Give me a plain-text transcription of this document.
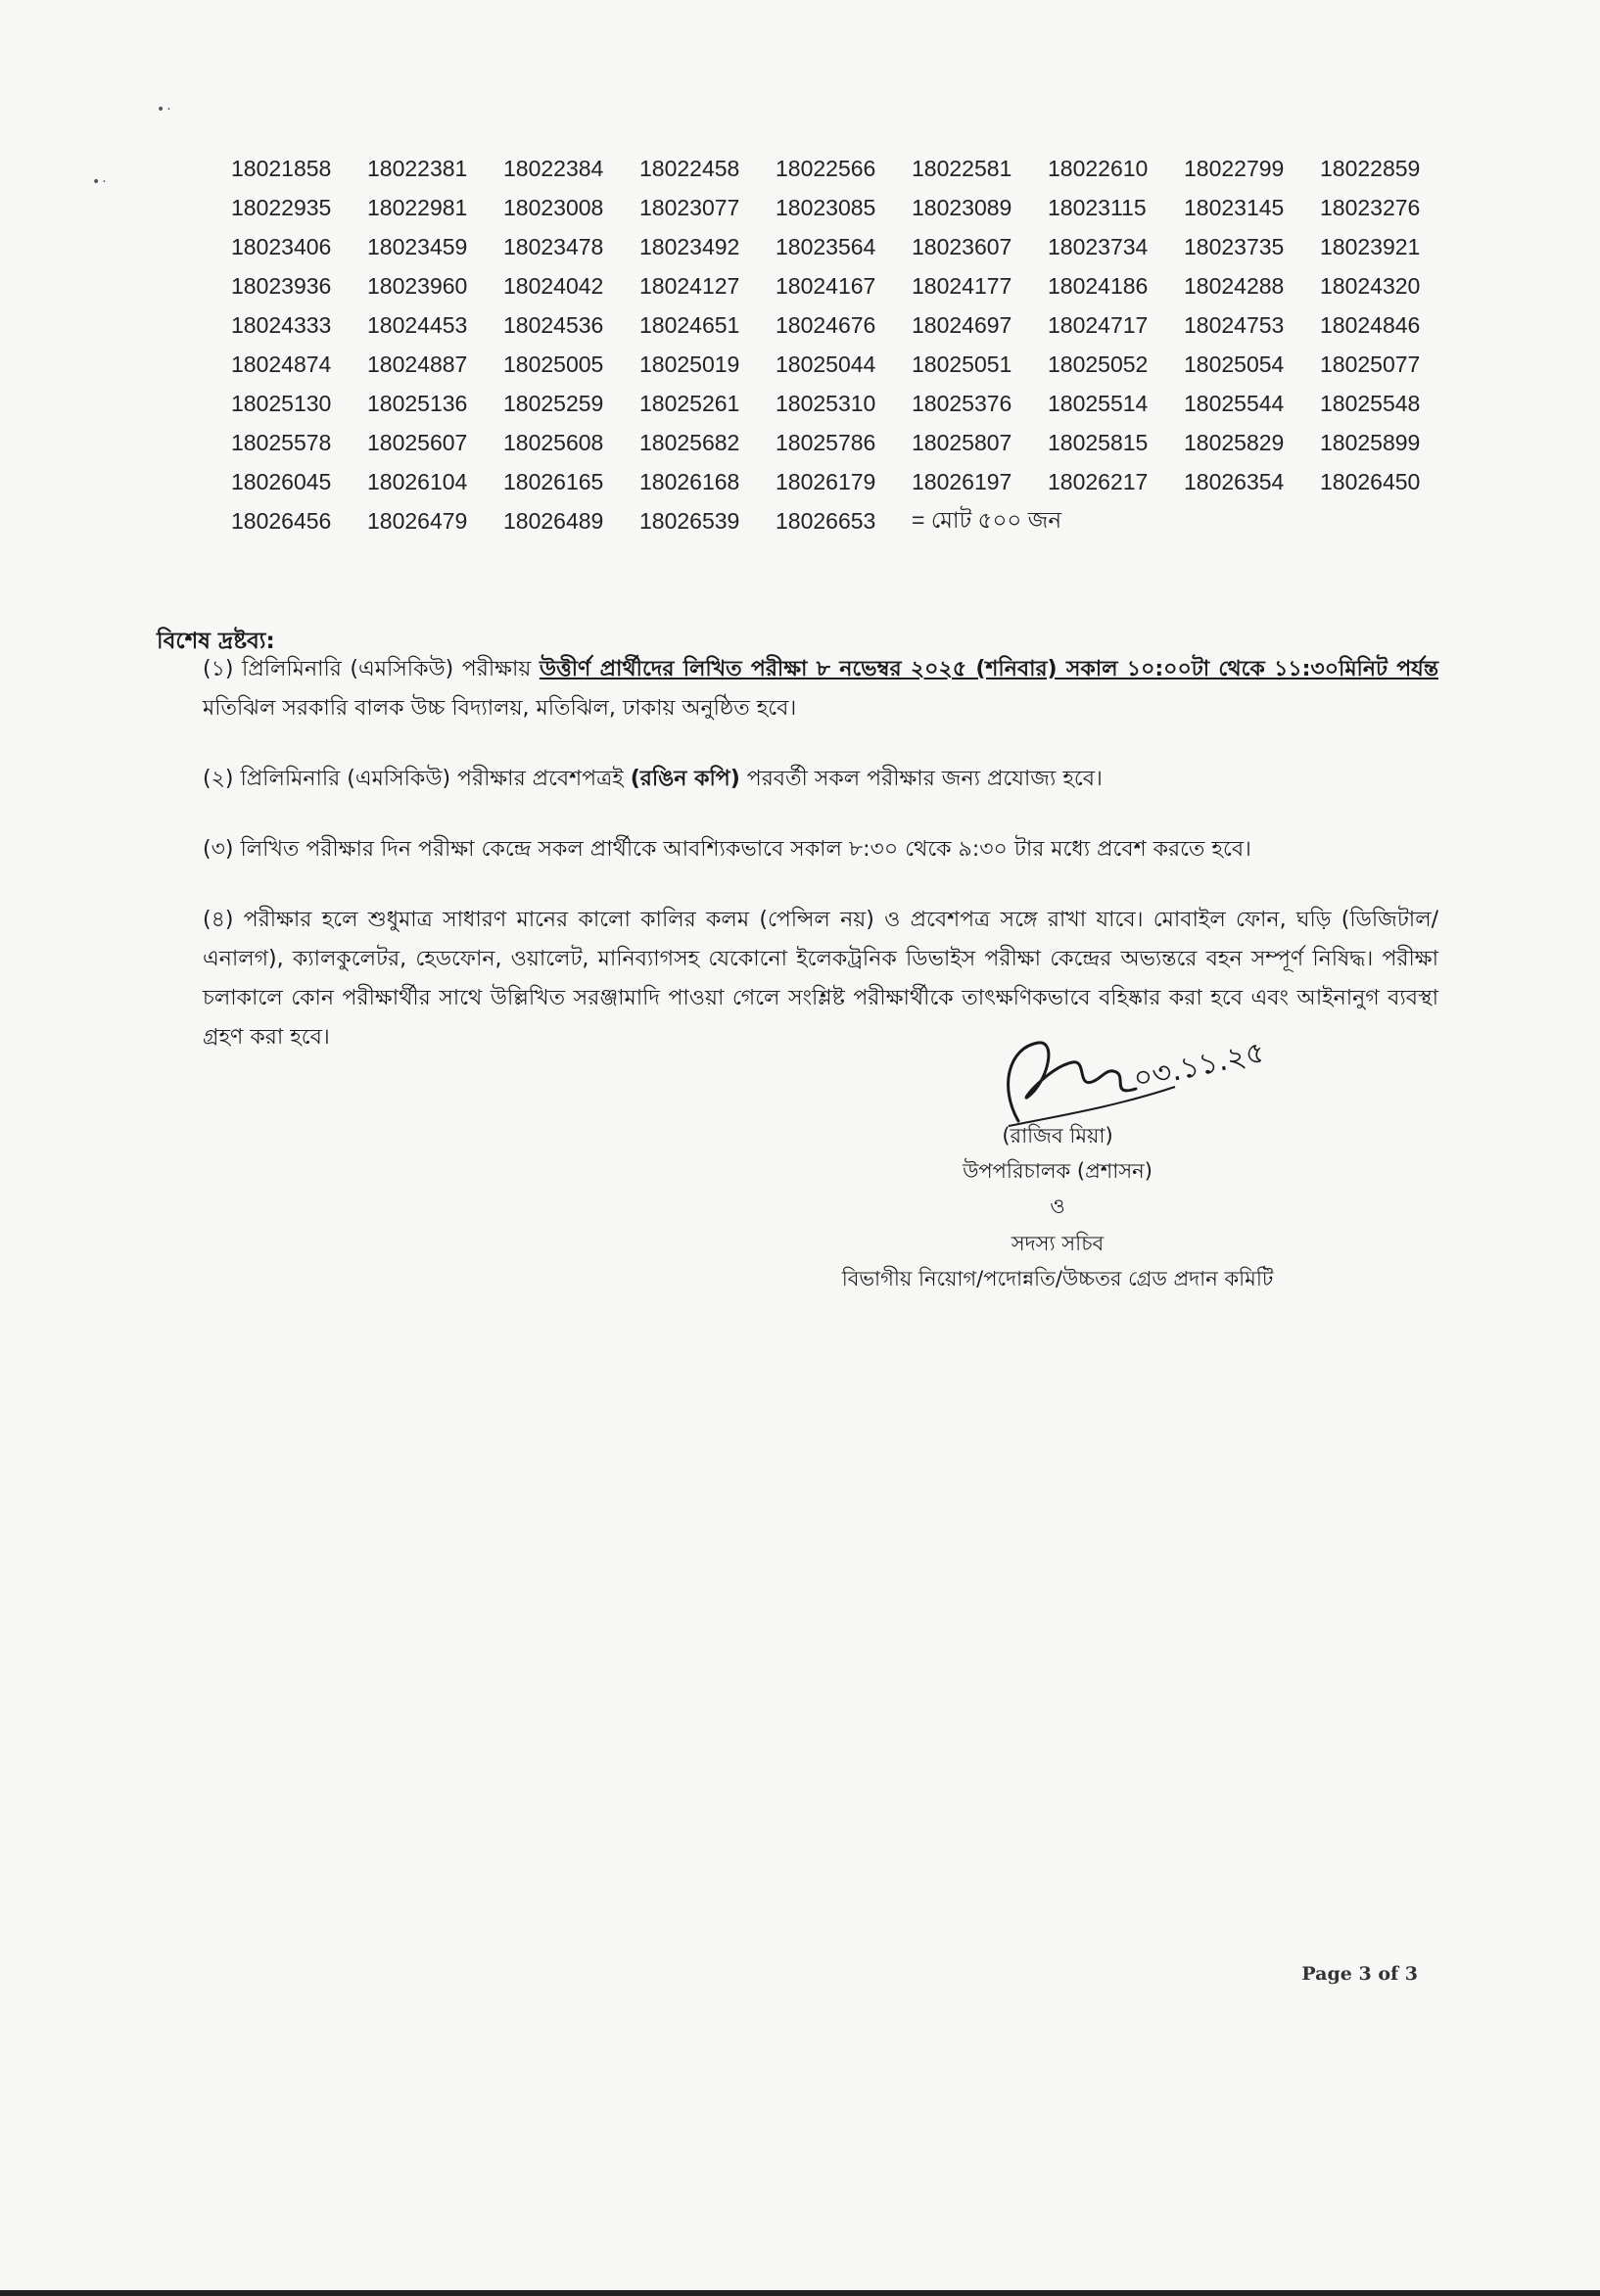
•·
•·
18021858	18022381	18022384	18022458	18022566	18022581	18022610	18022799	18022859
18022935	18022981	18023008	18023077	18023085	18023089	18023115	18023145	18023276
18023406	18023459	18023478	18023492	18023564	18023607	18023734	18023735	18023921
18023936	18023960	18024042	18024127	18024167	18024177	18024186	18024288	18024320
18024333	18024453	18024536	18024651	18024676	18024697	18024717	18024753	18024846
18024874	18024887	18025005	18025019	18025044	18025051	18025052	18025054	18025077
18025130	18025136	18025259	18025261	18025310	18025376	18025514	18025544	18025548
18025578	18025607	18025608	18025682	18025786	18025807	18025815	18025829	18025899
18026045	18026104	18026165	18026168	18026179	18026197	18026217	18026354	18026450
18026456	18026479	18026489	18026539	18026653	= মোট ৫০০ জন			
বিশেষ দ্রষ্টব্য:
(১) প্রিলিমিনারি (এমসিকিউ) পরীক্ষায় উত্তীর্ণ প্রার্থীদের লিখিত পরীক্ষা ৮ নভেম্বর ২০২৫ (শনিবার) সকাল ১০:০০টা থেকে ১১:৩০মিনিট পর্যন্ত মতিঝিল সরকারি বালক উচ্চ বিদ্যালয়, মতিঝিল, ঢাকায় অনুষ্ঠিত হবে।
(২) প্রিলিমিনারি (এমসিকিউ) পরীক্ষার প্রবেশপত্রই (রঙিন কপি) পরবর্তী সকল পরীক্ষার জন্য প্রযোজ্য হবে।
(৩) লিখিত পরীক্ষার দিন পরীক্ষা কেন্দ্রে সকল প্রার্থীকে আবশ্যিকভাবে সকাল ৮:৩০ থেকে ৯:৩০ টার মধ্যে প্রবেশ করতে হবে।
(৪) পরীক্ষার হলে শুধুমাত্র সাধারণ মানের কালো কালির কলম (পেন্সিল নয়) ও প্রবেশপত্র সঙ্গে রাখা যাবে। মোবাইল ফোন, ঘড়ি (ডিজিটাল/এনালগ), ক্যালকুলেটর, হেডফোন, ওয়ালেট, মানিব্যাগসহ যেকোনো ইলেকট্রনিক ডিভাইস পরীক্ষা কেন্দ্রের অভ্যন্তরে বহন সম্পূর্ণ নিষিদ্ধ। পরীক্ষা চলাকালে কোন পরীক্ষার্থীর সাথে উল্লিখিত সরঞ্জামাদি পাওয়া গেলে সংশ্লিষ্ট পরীক্ষার্থীকে তাৎক্ষণিকভাবে বহিষ্কার করা হবে এবং আইনানুগ ব্যবস্থা গ্রহণ করা হবে।	০৩.১১.২৫
(রাজিব মিয়া)
উপপরিচালক (প্রশাসন)
ও
সদস্য সচিব
বিভাগীয় নিয়োগ/পদোন্নতি/উচ্চতর গ্রেড প্রদান কমিটি
Page 3 of 3
